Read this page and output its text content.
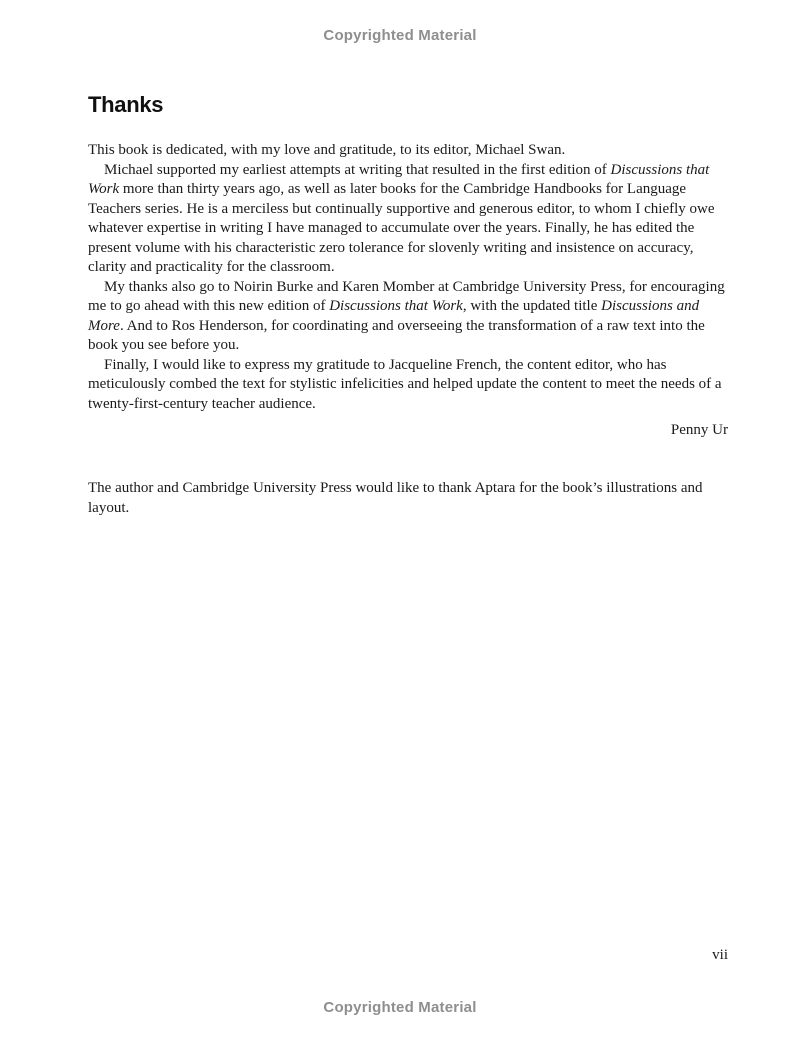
Copyrighted Material
Thanks

This book is dedicated, with my love and gratitude, to its editor, Michael Swan.

Michael supported my earliest attempts at writing that resulted in the first edition of Discussions that Work more than thirty years ago, as well as later books for the Cambridge Handbooks for Language Teachers series. He is a merciless but continually supportive and generous editor, to whom I chiefly owe whatever expertise in writing I have managed to accumulate over the years. Finally, he has edited the present volume with his characteristic zero tolerance for slovenly writing and insistence on accuracy, clarity and practicality for the classroom.

My thanks also go to Noirin Burke and Karen Momber at Cambridge University Press, for encouraging me to go ahead with this new edition of Discussions that Work, with the updated title Discussions and More. And to Ros Henderson, for coordinating and overseeing the transformation of a raw text into the book you see before you.

Finally, I would like to express my gratitude to Jacqueline French, the content editor, who has meticulously combed the text for stylistic infelicities and helped update the content to meet the needs of a twenty-first-century teacher audience.

Penny Ur

The author and Cambridge University Press would like to thank Aptara for the book’s illustrations and layout.

vii
Copyrighted Material
